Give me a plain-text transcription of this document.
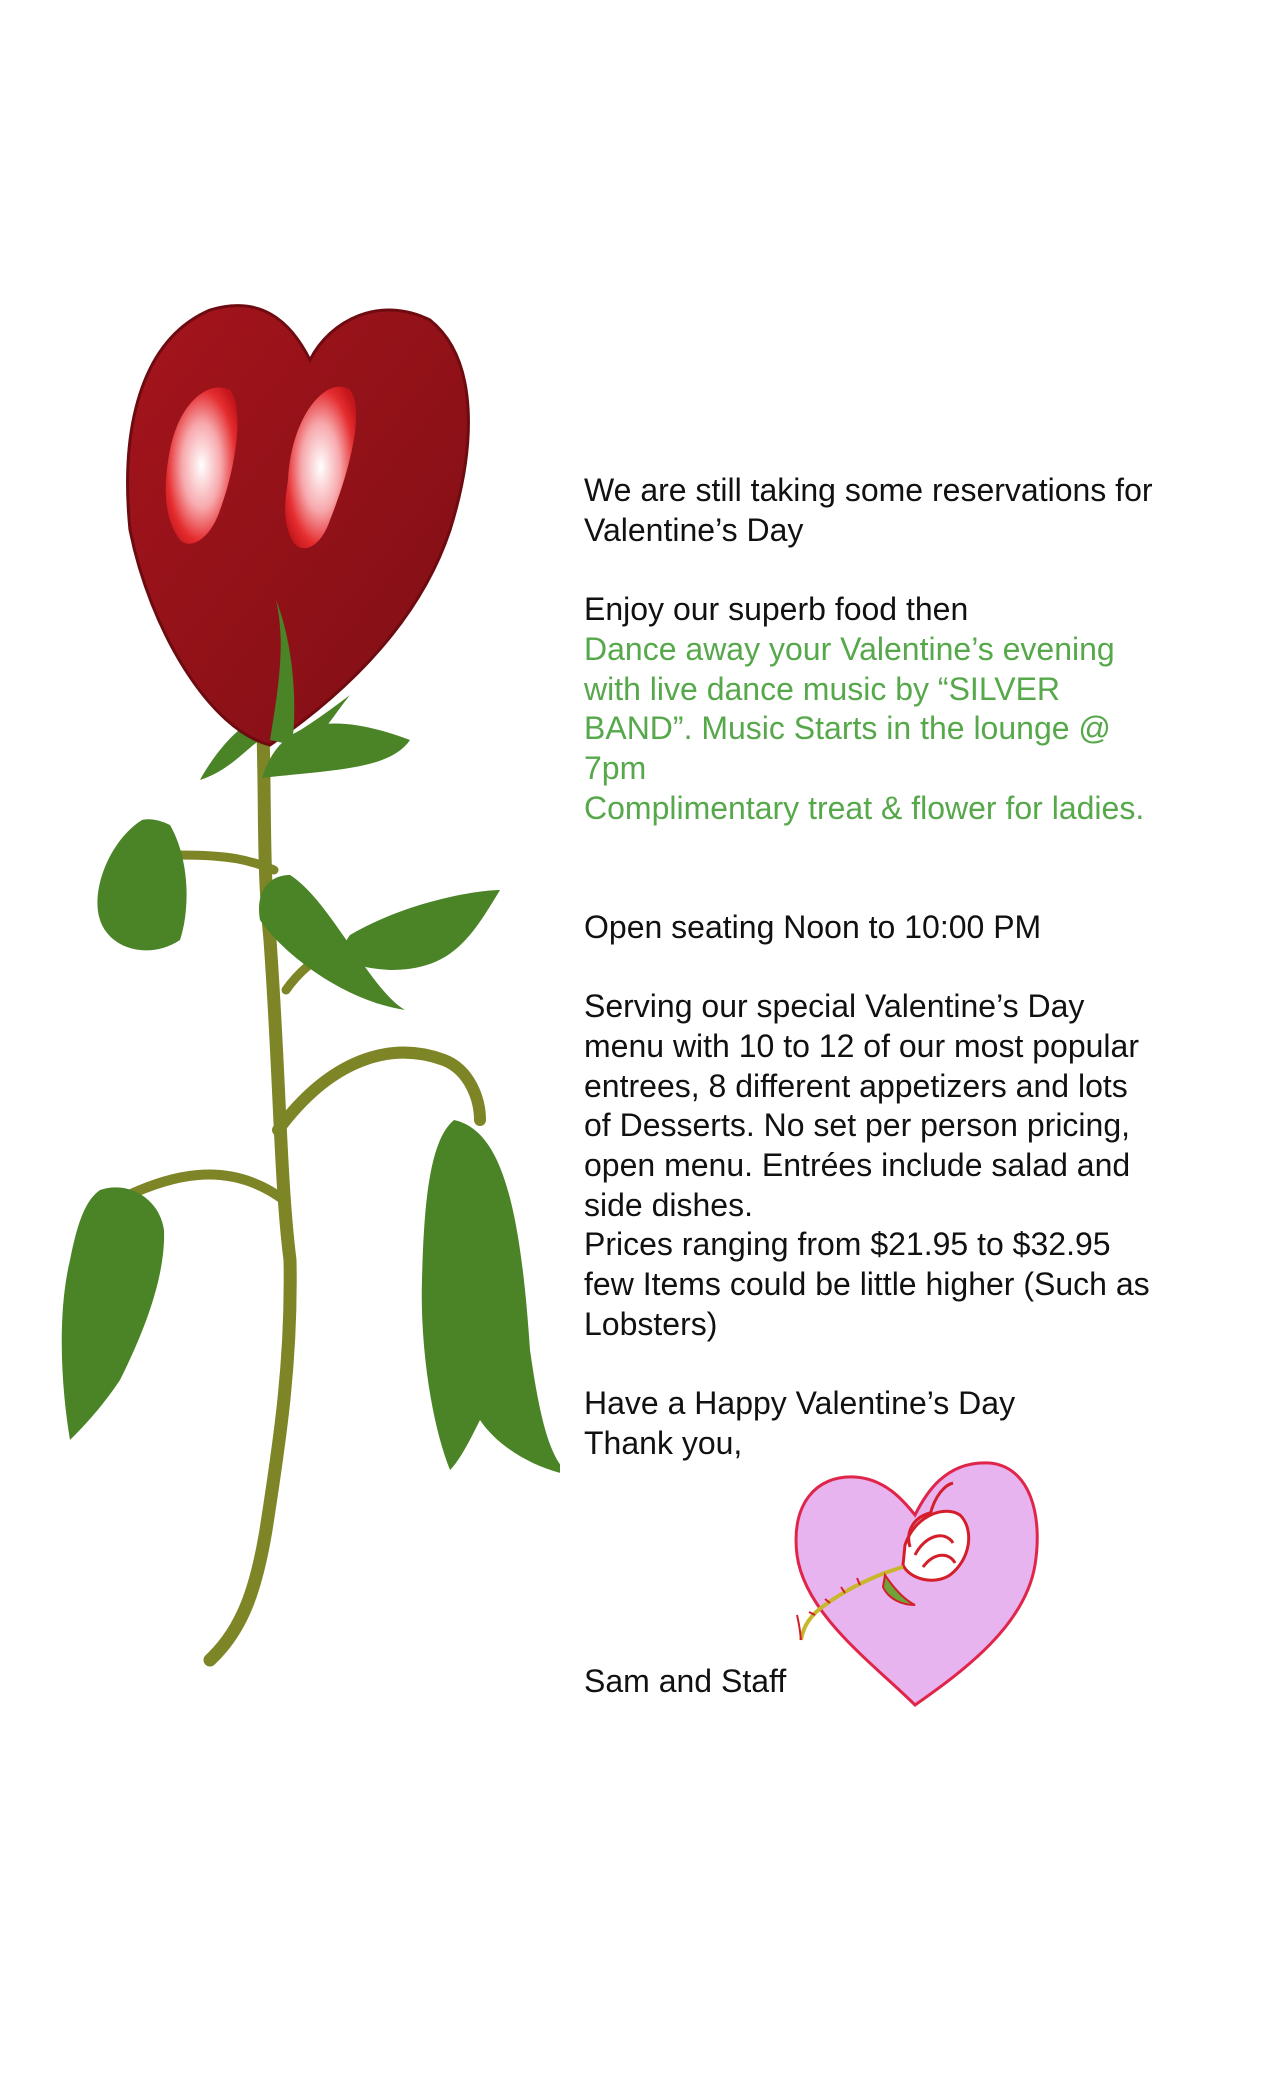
We are still taking some reservations for

Valentine’s Day

Enjoy our superb food then

Dance away your Valentine’s evening

with live dance music by “SILVER

BAND”. Music Starts in the lounge @

7pm

Complimentary treat & flower for ladies.

Open seating Noon to 10:00 PM

Serving our special Valentine’s Day

menu with 10 to 12 of our most popular

entrees, 8 different appetizers and lots

of Desserts. No set per person pricing,

open menu. Entrées include salad and

side dishes.

Prices ranging from $21.95 to $32.95

few Items could be little higher (Such as

Lobsters)

Have a Happy Valentine’s Day

Thank you,

Sam and Staff
